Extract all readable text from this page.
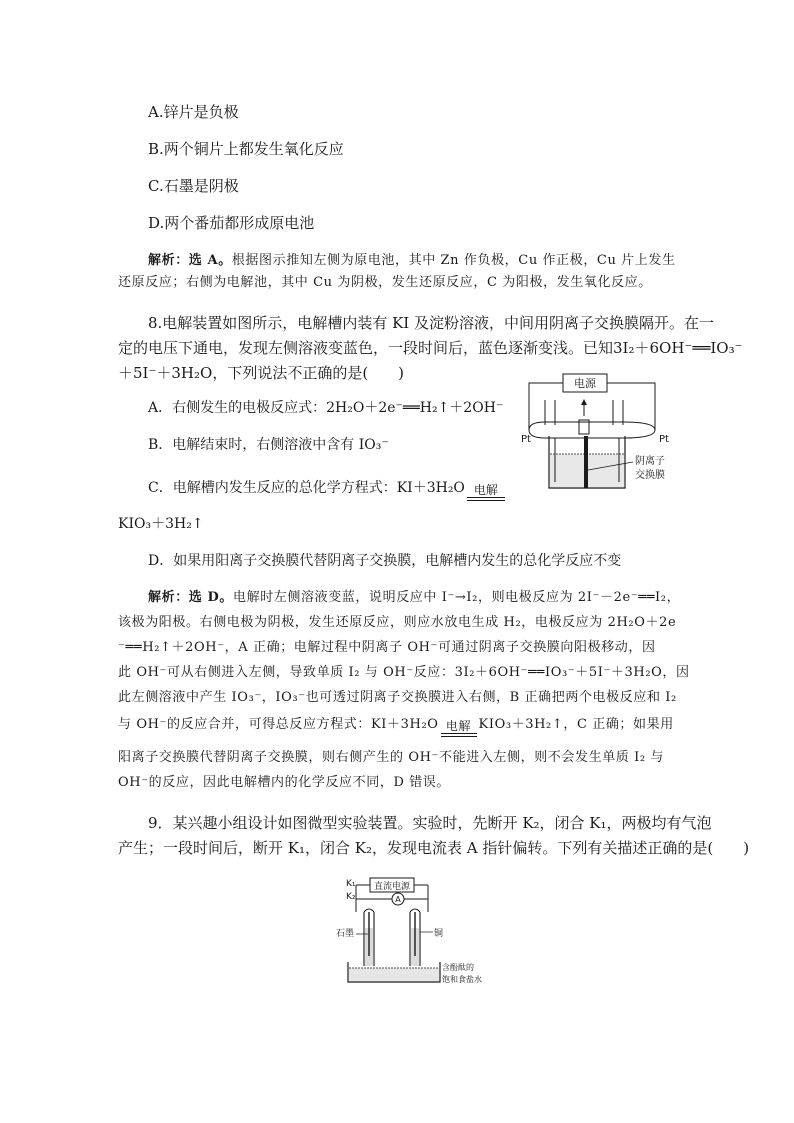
A.锌片是负极

B.两个铜片上都发生氧化反应

C.石墨是阴极

D.两个番茄都形成原电池

解析：选 A。根据图示推知左侧为原电池，其中 Zn 作负极，Cu 作正极，Cu 片上发生

还原反应；右侧为电解池，其中 Cu 为阴极，发生还原反应，C 为阳极，发生氧化反应。

8.电解装置如图所示，电解槽内装有 KI 及淀粉溶液，中间用阴离子交换膜隔开。在一

定的电压下通电，发现左侧溶液变蓝色，一段时间后，蓝色逐渐变浅。已知3I₂＋6OH⁻══IO₃⁻

＋5I⁻＋3H₂O，下列说法不正确的是(　　)

A．右侧发生的电极反应式：2H₂O＋2e⁻══H₂↑＋2OH⁻

B．电解结束时，右侧溶液中含有 IO₃⁻

C．电解槽内发生反应的总化学方程式：KI＋3H₂O 电解

KIO₃＋3H₂↑

D．如果用阳离子交换膜代替阴离子交换膜，电解槽内发生的总化学反应不变

电源
Pt	Pt
阴离子
交换膜

解析：选 D。电解时左侧溶液变蓝，说明反应中 I⁻→I₂，则电极反应为 2I⁻－2e⁻══I₂，

该极为阳极。右侧电极为阴极，发生还原反应，则应水放电生成 H₂，电极反应为 2H₂O＋2e

⁻══H₂↑＋2OH⁻，A 正确；电解过程中阴离子 OH⁻可通过阴离子交换膜向阳极移动，因

此 OH⁻可从右侧进入左侧，导致单质 I₂ 与 OH⁻反应：3I₂＋6OH⁻══IO₃⁻＋5I⁻＋3H₂O，因

此左侧溶液中产生 IO₃⁻，IO₃⁻也可透过阴离子交换膜进入右侧，B 正确把两个电极反应和 I₂

与 OH⁻的反应合并，可得总反应方程式：KI＋3H₂O 电解 KIO₃＋3H₂↑，C 正确；如果用

阳离子交换膜代替阴离子交换膜，则右侧产生的 OH⁻不能进入左侧，则不会发生单质 I₂ 与

OH⁻的反应，因此电解槽内的化学反应不同，D 错误。

9．某兴趣小组设计如图微型实验装置。实验时，先断开 K₂，闭合 K₁，两极均有气泡

产生；一段时间后，断开 K₁，闭合 K₂，发现电流表 A 指针偏转。下列有关描述正确的是(　　)

K₁
K₂
直流电源
A
石墨	铜
含酚酞的
饱和食盐水
